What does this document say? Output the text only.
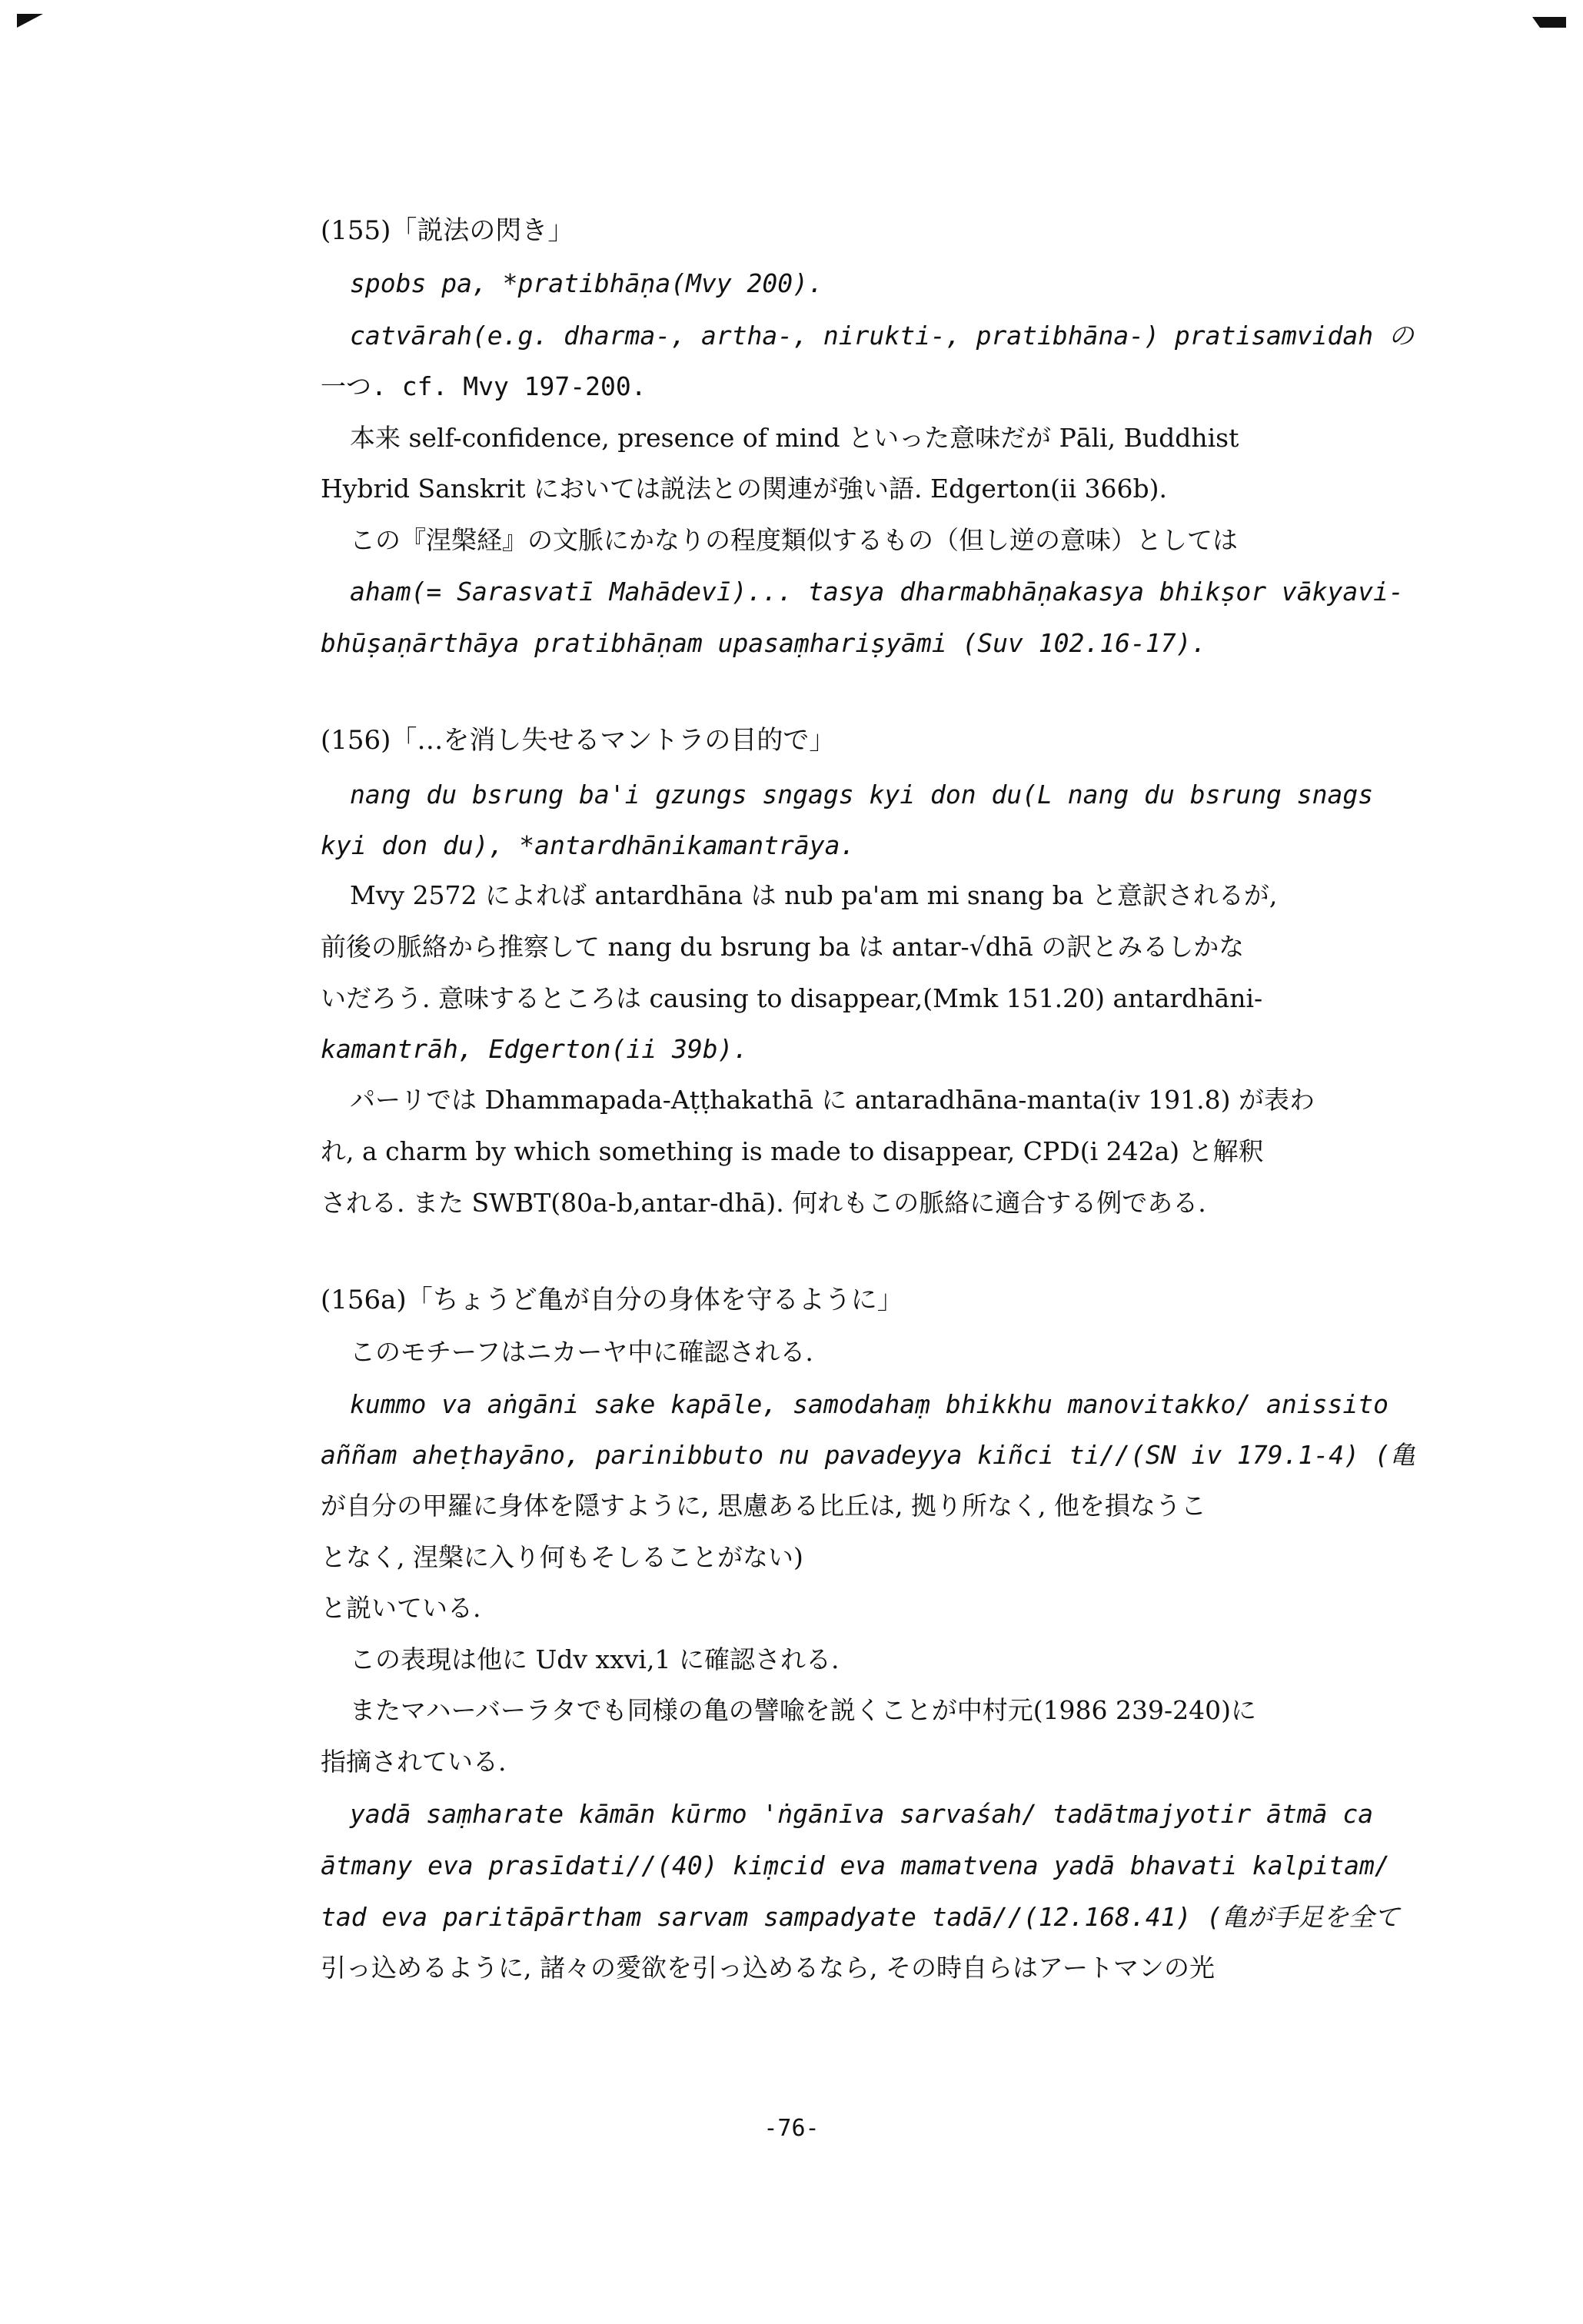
(155)「説法の閃き」
spobs pa, *pratibhāṇa(Mvy 200).
catvārah(e.g. dharma-, artha-, nirukti-, pratibhāna-) pratisamvidah の
一つ. cf. Mvy 197-200.
本来 self-confidence, presence of mind といった意味だが Pāli, Buddhist
Hybrid Sanskrit においては説法との関連が強い語. Edgerton(ii 366b).
この『涅槃経』の文脈にかなりの程度類似するもの（但し逆の意味）としては
aham(= Sarasvatī Mahādevī)... tasya dharmabhāṇakasya bhikṣor vākyavi-
bhūṣaṇārthāya pratibhāṇam upasaṃhariṣyāmi (Suv 102.16-17).
(156)「…を消し失せるマントラの目的で」
nang du bsrung ba'i gzungs sngags kyi don du(L nang du bsrung snags
kyi don du), *antardhānikamantrāya.
Mvy 2572 によれば antardhāna は nub pa'am mi snang ba と意訳されるが,
前後の脈絡から推察して nang du bsrung ba は antar-√dhā の訳とみるしかな
いだろう. 意味するところは causing to disappear,(Mmk 151.20) antardhāni-
kamantrāh, Edgerton(ii 39b).
パーリでは Dhammapada-Aṭṭhakathā に antaradhāna-manta(iv 191.8) が表わ
れ, a charm by which something is made to disappear, CPD(i 242a) と解釈
される. また SWBT(80a-b,antar-dhā). 何れもこの脈絡に適合する例である.
(156a)「ちょうど亀が自分の身体を守るように」
このモチーフはニカーヤ中に確認される.
kummo va aṅgāni sake kapāle, samodahaṃ bhikkhu manovitakko/ anissito
aññam aheṭhayāno, parinibbuto nu pavadeyya kiñci ti//(SN iv 179.1-4) (亀
が自分の甲羅に身体を隠すように, 思慮ある比丘は, 拠り所なく, 他を損なうこ
となく, 涅槃に入り何もそしることがない)
と説いている.
この表現は他に Udv xxvi,1 に確認される.
またマハーバーラタでも同様の亀の譬喩を説くことが中村元(1986 239-240)に
指摘されている.
yadā saṃharate kāmān kūrmo 'ṅgānīva sarvaśah/ tadātmajyotir ātmā ca
ātmany eva prasīdati//(40) kiṃcid eva mamatvena yadā bhavati kalpitam/
tad eva paritāpārtham sarvam sampadyate tadā//(12.168.41) (亀が手足を全て
引っ込めるように, 諸々の愛欲を引っ込めるなら, その時自らはアートマンの光
-76-
